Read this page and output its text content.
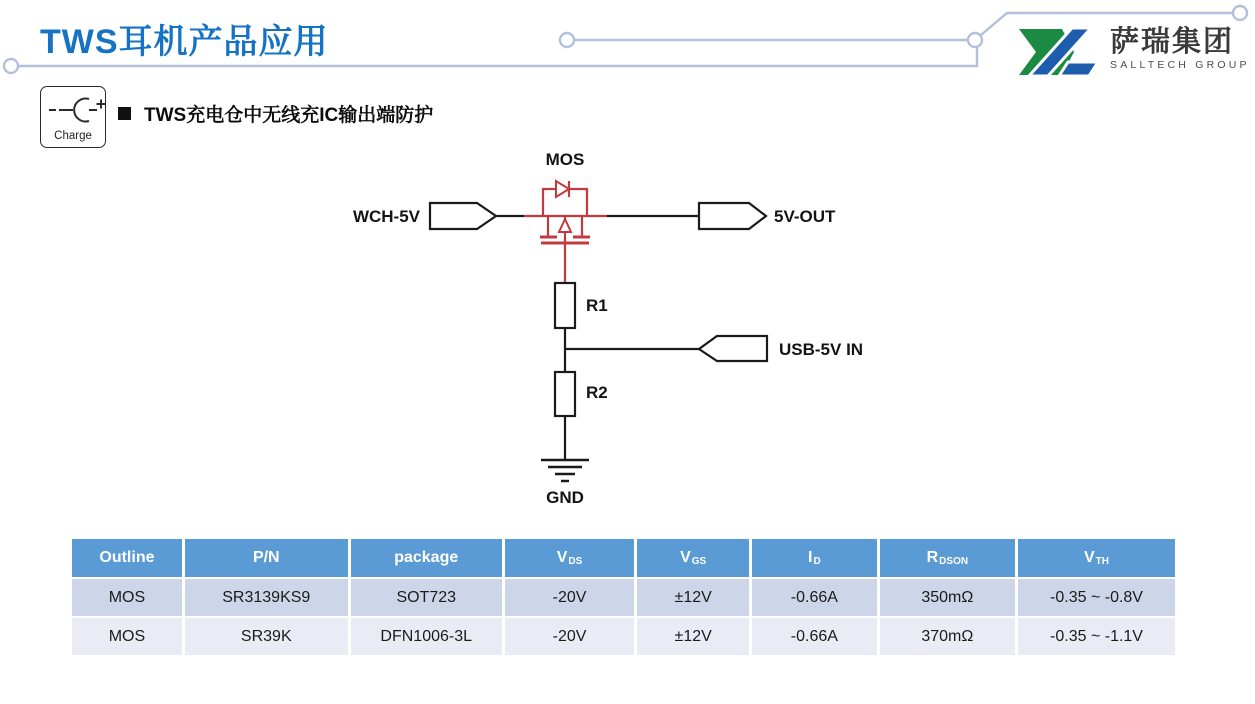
TWS耳机产品应用	萨瑞集团
SALLTECH GROUP
Charge
TWS充电仓中无线充IC输出端防护
MOS
WCH-5V	5V-OUT
R1
R2
USB-5V IN
GND
Outline	P/N	package	V DS	V GS	I D	R DSON	V TH
MOS	SR3139KS9	SOT723	-20V	±12V	-0.66A	350mΩ	-0.35 ~ -0.8V
MOS	SR39K	DFN1006-3L	-20V	±12V	-0.66A	370mΩ	-0.35 ~ -1.1V
